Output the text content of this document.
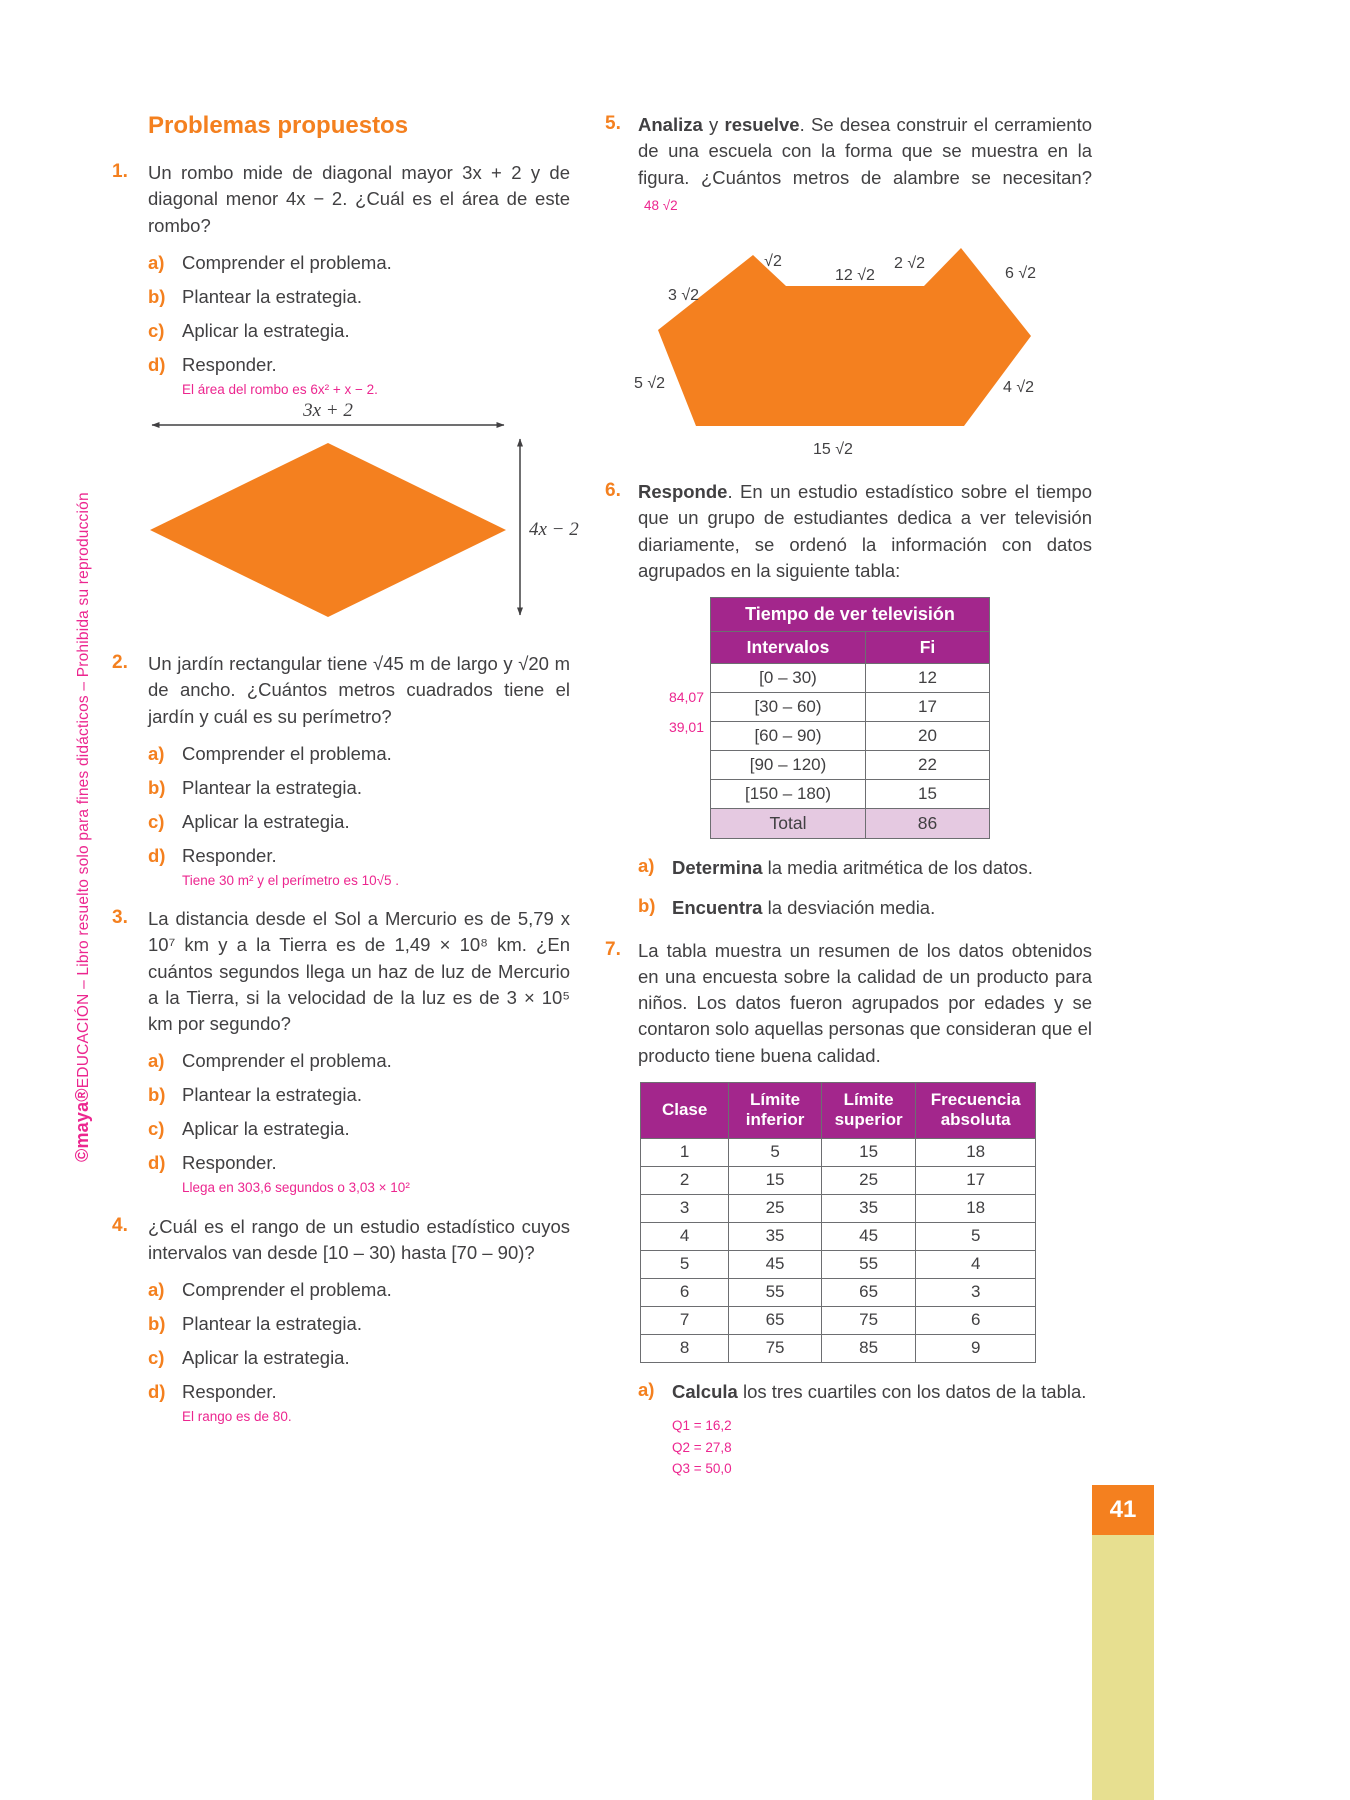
©maya®EDUCACIÓN – Libro resuelto solo para fines didácticos – Prohibida su reproducción
Problemas propuestos
1.	Un rombo mide de diagonal mayor 3x + 2 y de diagonal menor 4x − 2. ¿Cuál es el área de este rombo?

a) Comprender el problema.
b) Plantear la estrategia.
c) Aplicar la estrategia.
d) Responder.
El área del rombo es 6x² + x − 2.
3x + 2
4x − 2
2.	Un jardín rectangular tiene √45 m de largo y √20 m de ancho. ¿Cuántos metros cuadrados tiene el jardín y cuál es su perímetro?

a) Comprender el problema.
b) Plantear la estrategia.
c) Aplicar la estrategia.
d) Responder.
Tiene 30 m² y el perímetro es 10√5 .
3.	La distancia desde el Sol a Mercurio es de 5,79 x 10⁷ km y a la Tierra es de 1,49 × 10⁸ km. ¿En cuántos segundos llega un haz de luz de Mercurio a la Tierra, si la velocidad de la luz es de 3 × 10⁵ km por segundo?

a) Comprender el problema.
b) Plantear la estrategia.
c) Aplicar la estrategia.
d) Responder.
Llega en 303,6 segundos o 3,03 × 10²
4.	¿Cuál es el rango de un estudio estadístico cuyos intervalos van desde [10 – 30) hasta [70 – 90)?

a) Comprender el problema.
b) Plantear la estrategia.
c) Aplicar la estrategia.
d) Responder.
El rango es de 80.
5. Analiza y resuelve. Se desea construir el cerramiento de una escuela con la forma que se muestra en la figura. ¿Cuántos metros de alambre se necesitan?48 √2

3 √2
√2
12 √2
2 √2
6 √2
5 √2	4 √2
15 √2
6. Responde. En un estudio estadístico sobre el tiempo que un grupo de estudiantes dedica a ver televisión diariamente, se ordenó la información con datos agrupados en la siguiente tabla:

84,07
39,01
Tiempo de ver televisión	
Intervalos	Fi
[0 – 30)	12
[30 – 60)	17
[60 – 90)	20
[90 – 120)	22
[150 – 180)	15
Total	86
a) Determina la media aritmética de los datos.

b) Encuentra la desviación media.

7. La tabla muestra un resumen de los datos obtenidos en una encuesta sobre la calidad de un producto para niños. Los datos fueron agrupados por edades y se contaron solo aquellas personas que consideran que el producto tiene buena calidad.

Clase	Límite inferior	Límite superior	Frecuencia absoluta
1	5	15	18
2	15	25	17
3	25	35	18
4	35	45	5
5	45	55	4
6	55	65	3
7	65	75	6
8	75	85	9
a) Calcula los tres cuartiles con los datos de la tabla.

Q1 = 16,2
Q2 = 27,8
Q3 = 50,0
41
